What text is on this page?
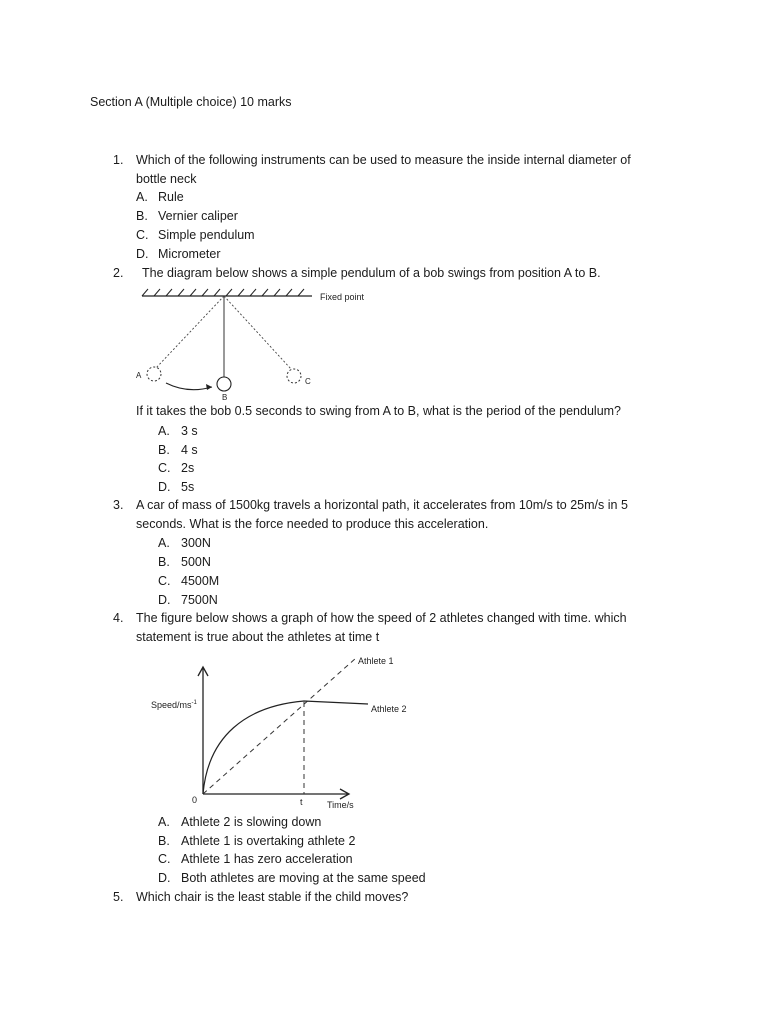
Section A (Multiple choice) 10 marks
1. Which of the following instruments can be used to measure the inside internal diameter of
bottle neck
A. Rule
B. Vernier caliper
C. Simple pendulum
D. Micrometer
2. The diagram below shows a simple pendulum of a bob swings from position A to B.
Fixed point
A
B
C
If it takes the bob 0.5 seconds to swing from A to B, what is the period of the pendulum?
A. 3 s
B. 4 s
C. 2s
D. 5s
3. A car of mass of 1500kg travels a horizontal path, it accelerates from 10m/s to 25m/s in 5
seconds. What is the force needed to produce this acceleration.
A. 300N
B. 500N
C. 4500M
D. 7500N
4. The figure below shows a graph of how the speed of 2 athletes changed with time. which
statement is true about the athletes at time t
Athlete 1
Athlete 2
Speed/$ms^{-1}$
0	t	Time/s
A. Athlete 2 is slowing down
B. Athlete 1 is overtaking athlete 2
C. Athlete 1 has zero acceleration
D. Both athletes are moving at the same speed
5. Which chair is the least stable if the child moves?
